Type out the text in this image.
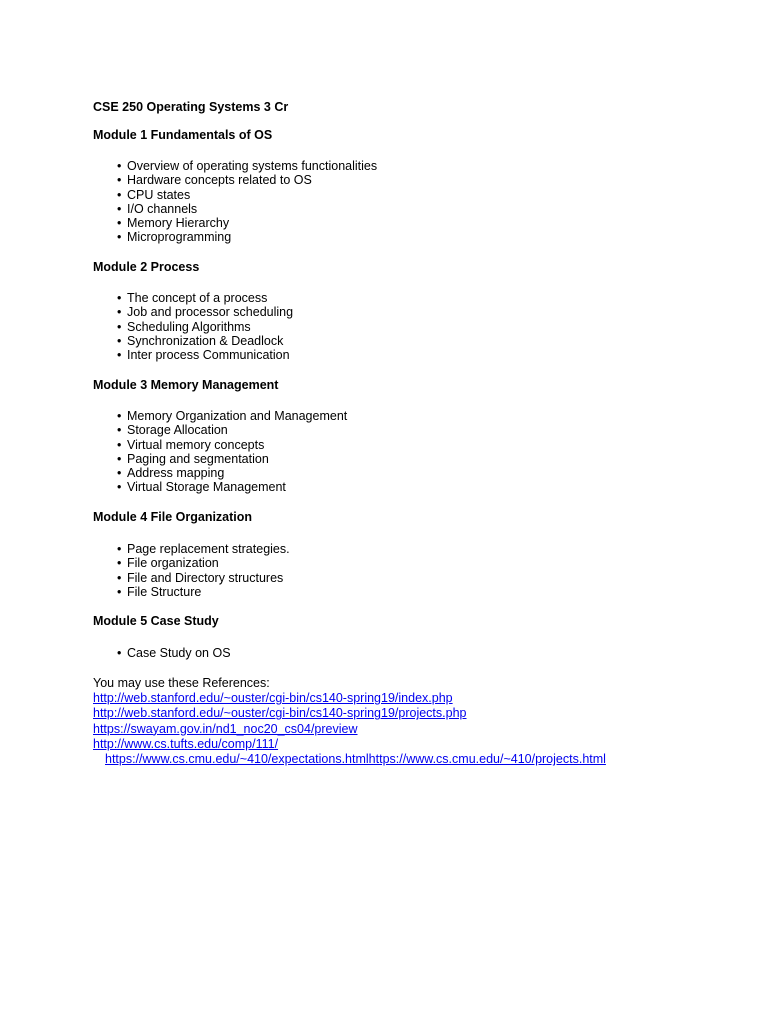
CSE 250 Operating Systems 3 Cr

Module 1 Fundamentals of OS

• Overview of operating systems functionalities
• Hardware concepts related to OS
• CPU states
• I/O channels
• Memory Hierarchy
• Microprogramming

Module 2 Process

• The concept of a process
• Job and processor scheduling
• Scheduling Algorithms
• Synchronization & Deadlock
• Inter process Communication

Module 3 Memory Management

• Memory Organization and Management
• Storage Allocation
• Virtual memory concepts
• Paging and segmentation
• Address mapping
• Virtual Storage Management

Module 4 File Organization

• Page replacement strategies.
• File organization
• File and Directory structures
• File Structure

Module 5 Case Study

• Case Study on OS
You may use these References:
http://web.stanford.edu/~ouster/cgi-bin/cs140-spring19/index.php
http://web.stanford.edu/~ouster/cgi-bin/cs140-spring19/projects.php
https://swayam.gov.in/nd1_noc20_cs04/preview
http://www.cs.tufts.edu/comp/111/
https://www.cs.cmu.edu/~410/expectations.htmlhttps://www.cs.cmu.edu/~410/projects.html
